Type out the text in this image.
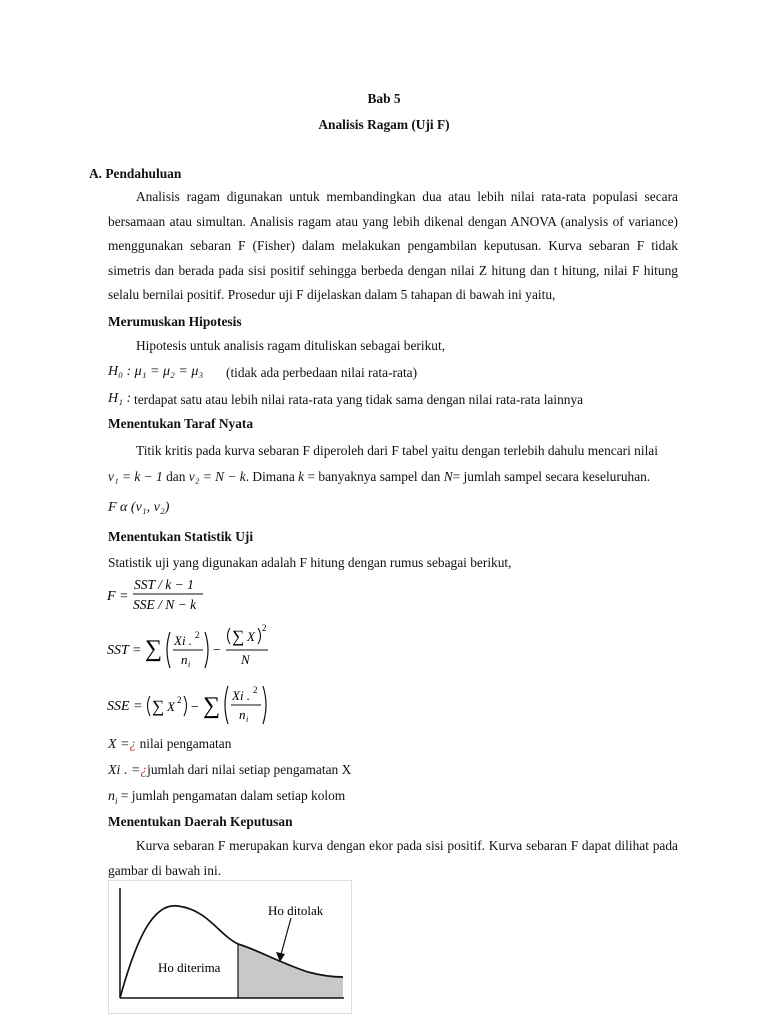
Bab 5
Analisis Ragam (Uji F)
A. Pendahuluan
Analisis ragam digunakan untuk membandingkan dua atau lebih nilai rata-rata populasi secara bersamaan atau simultan. Analisis ragam atau yang lebih dikenal dengan ANOVA (analysis of variance) menggunakan sebaran F (Fisher) dalam melakukan pengambilan keputusan. Kurva sebaran F tidak simetris dan berada pada sisi positif sehingga berbeda dengan nilai Z hitung dan t hitung, nilai F hitung selalu bernilai positif. Prosedur uji F dijelaskan dalam 5 tahapan di bawah ini yaitu,
Merumuskan Hipotesis
Hipotesis untuk analisis ragam dituliskan sebagai berikut,
H₀ : μ₁ = μ₂ = μ₃ (tidak ada perbedaan nilai rata-rata)
H₁ : terdapat satu atau lebih nilai rata-rata yang tidak sama dengan nilai rata-rata lainnya
Menentukan Taraf Nyata
Titik kritis pada kurva sebaran F diperoleh dari F tabel yaitu dengan terlebih dahulu mencari nilai
v₁ = k − 1 dan v₂ = N − k. Dimana k = banyaknya sampel dan N= jumlah sampel secara keseluruhan.
F α (v₁, v₂)
Menentukan Statistik Uji
Statistik uji yang digunakan adalah F hitung dengan rumus sebagai berikut,
F =
SST / k − 1
SSE / N − k
SST = ∑ Xi . 2
n i
−
∑ X
2
N
SSE = ∑ X 2 − ∑ Xi . 2
n i
X =¿ nilai pengamatan
Xi . =¿jumlah dari nilai setiap pengamatan X
$n_i$ = jumlah pengamatan dalam setiap kolom
Menentukan Daerah Keputusan
Kurva sebaran F merupakan kurva dengan ekor pada sisi positif. Kurva sebaran F dapat dilihat pada gambar di bawah ini.
Ho ditolak
Ho diterima
